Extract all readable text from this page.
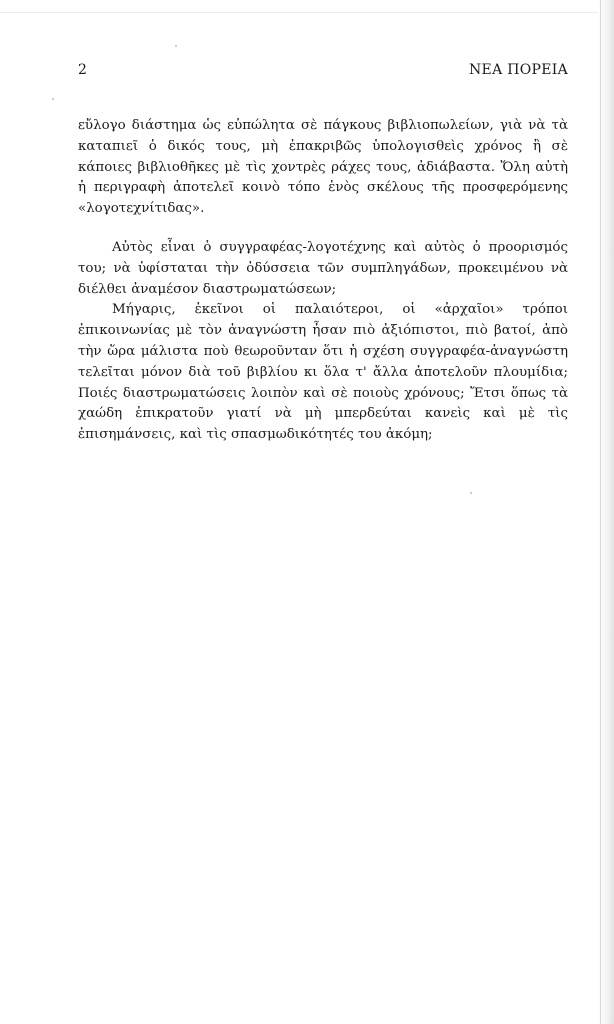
2	ΝΕΑ ΠΟΡΕΙΑ

εὔλογο διάστημα ὡς εὐπώλητα σὲ πάγκους βιβλιοπωλείων, γιὰ νὰ τὰ καταπιεῖ ὁ δικός τους, μὴ ἐπακριβῶς ὑπολογισθεὶς χρόνος ἢ σὲ κάποιες βιβλιοθῆκες μὲ τὶς χοντρὲς ράχες τους, ἀδιάβαστα. Ὅλη αὐτὴ ἡ περιγραφὴ ἀποτελεῖ κοινὸ τόπο ἑνὸς σκέλους τῆς προσφερόμενης «λογοτεχνίτιδας».

Αὐτὸς εἶναι ὁ συγγραφέας-λογοτέχνης καὶ αὐτὸς ὁ προορισμός του; νὰ ὑφίσταται τὴν ὀδύσσεια τῶν συμπληγάδων, προκειμένου νὰ διέλθει ἀναμέσον διαστρωματώσεων;

Μήγαρις, ἐκεῖνοι οἱ παλαιότεροι, οἱ «ἀρχαῖοι» τρόποι ἐπικοινωνίας μὲ τὸν ἀναγνώστη ἦσαν πιὸ ἀξιόπιστοι, πιὸ βατοί, ἀπὸ τὴν ὥρα μάλιστα ποὺ θεωροῦνταν ὅτι ἡ σχέση συγγραφέα-ἀναγνώστη τελεῖται μόνον διὰ τοῦ βιβλίου κι ὅλα τ' ἄλλα ἀποτελοῦν πλουμίδια; Ποιές διαστρωματώσεις λοιπὸν καὶ σὲ ποιοὺς χρόνους; Ἔτσι ὅπως τὰ χαώδη ἐπικρατοῦν γιατί νὰ μὴ μπερδεύται κανεὶς καὶ μὲ τὶς ἐπισημάνσεις, καὶ τὶς σπασμωδικότητές του ἀκόμη;
